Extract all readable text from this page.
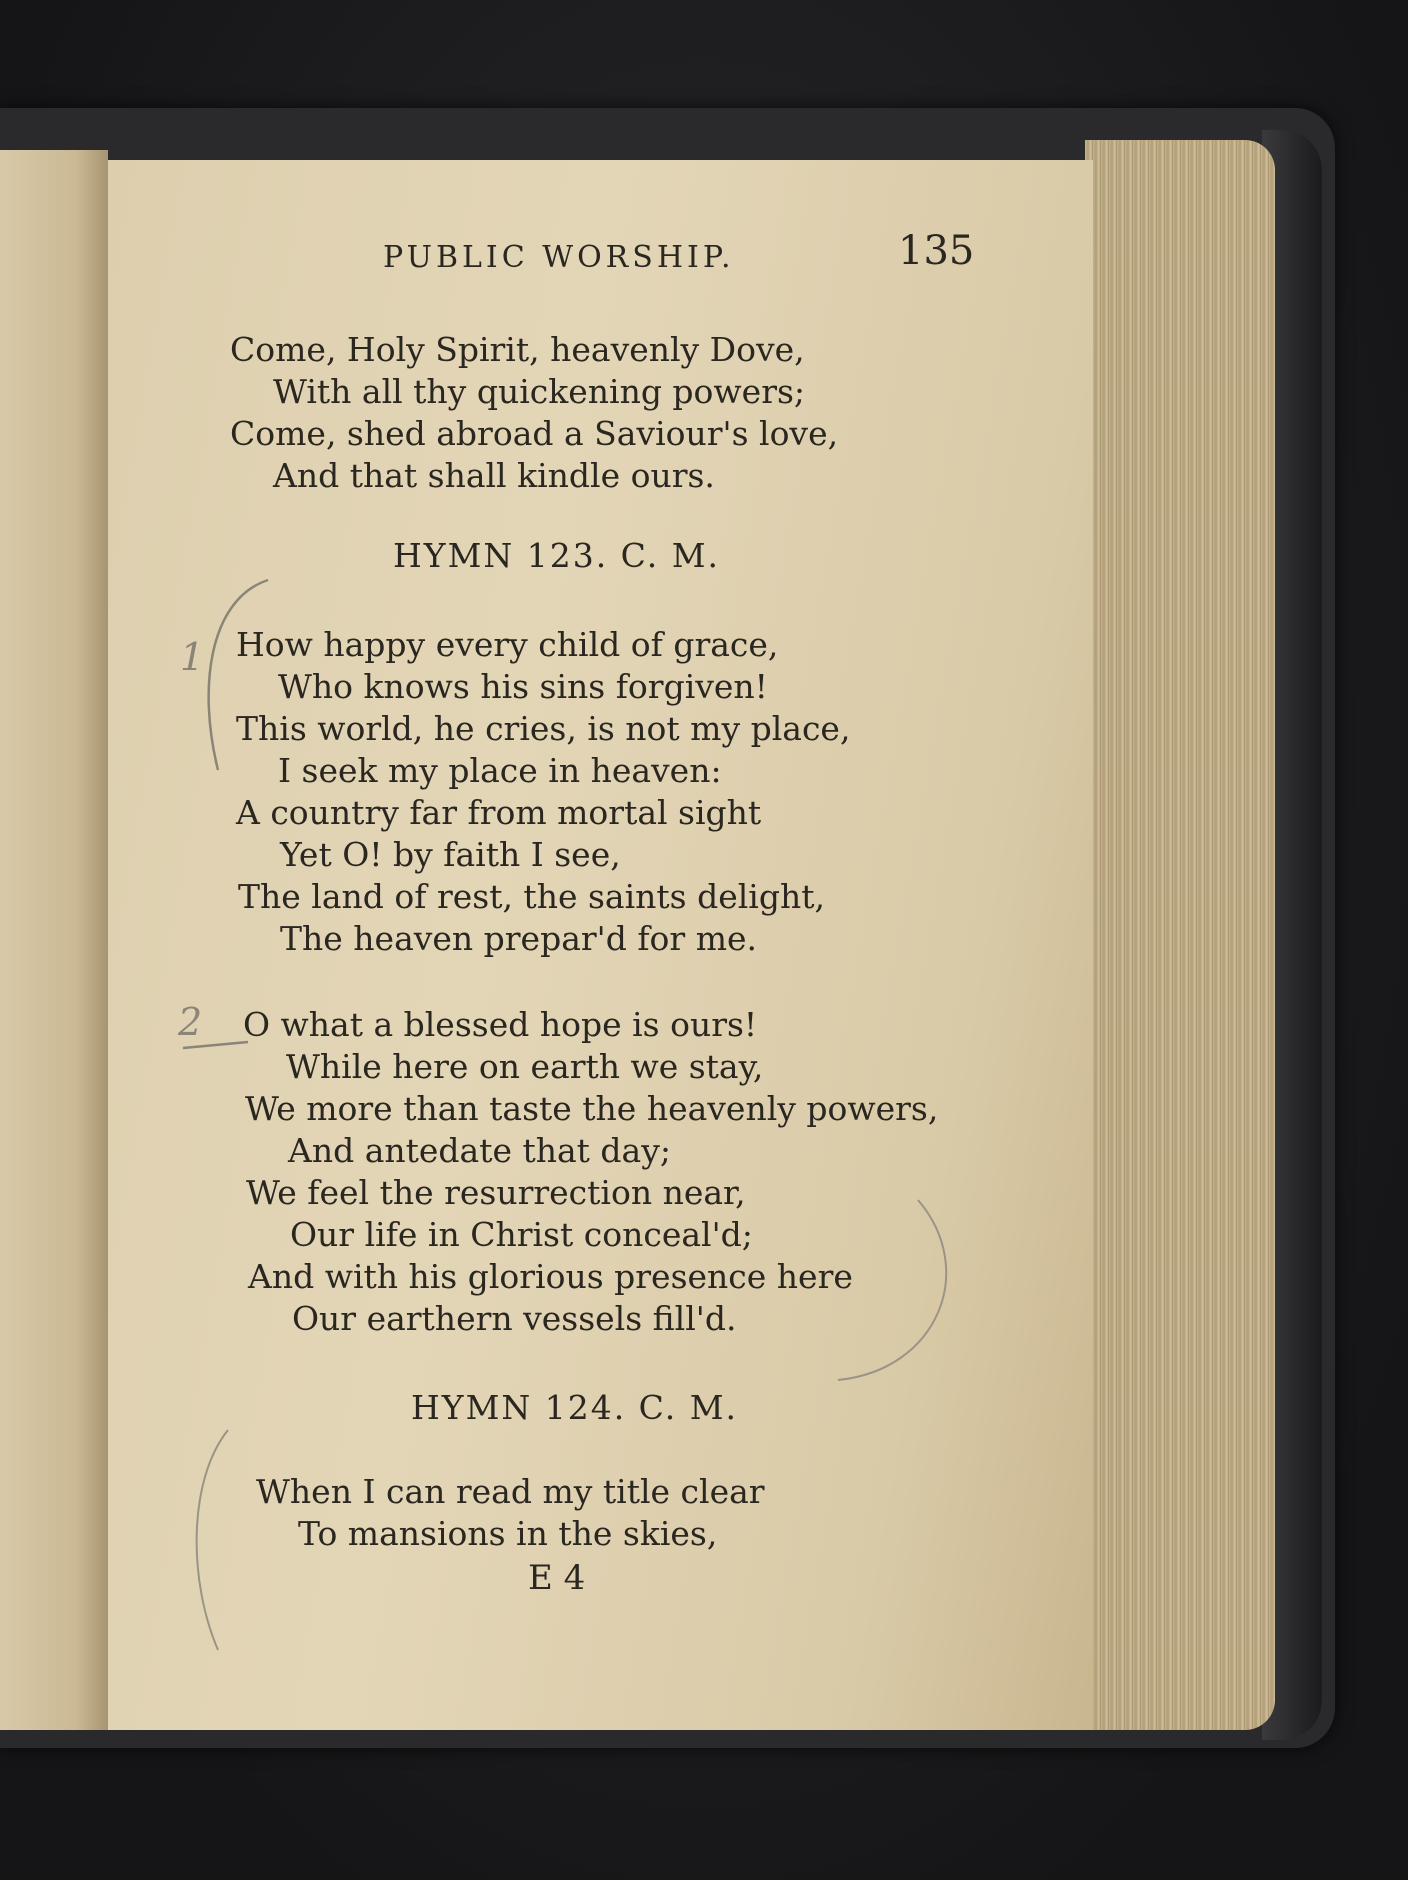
PUBLIC WORSHIP.	135
Come, Holy Spirit, heavenly Dove,
With all thy quickening powers;
Come, shed abroad a Saviour's love,
And that shall kindle ours.
HYMN 123. C. M.
How happy every child of grace,
Who knows his sins forgiven!
This world, he cries, is not my place,
I seek my place in heaven:
A country far from mortal sight
Yet O! by faith I see,
The land of rest, the saints delight,
The heaven prepar'd for me.
O what a blessed hope is ours!
While here on earth we stay,
We more than taste the heavenly powers,
And antedate that day;
We feel the resurrection near,
Our life in Christ conceal'd;
And with his glorious presence here
Our earthern vessels fill'd.
HYMN 124. C. M.
When I can read my title clear
To mansions in the skies,
E 4
1
2
